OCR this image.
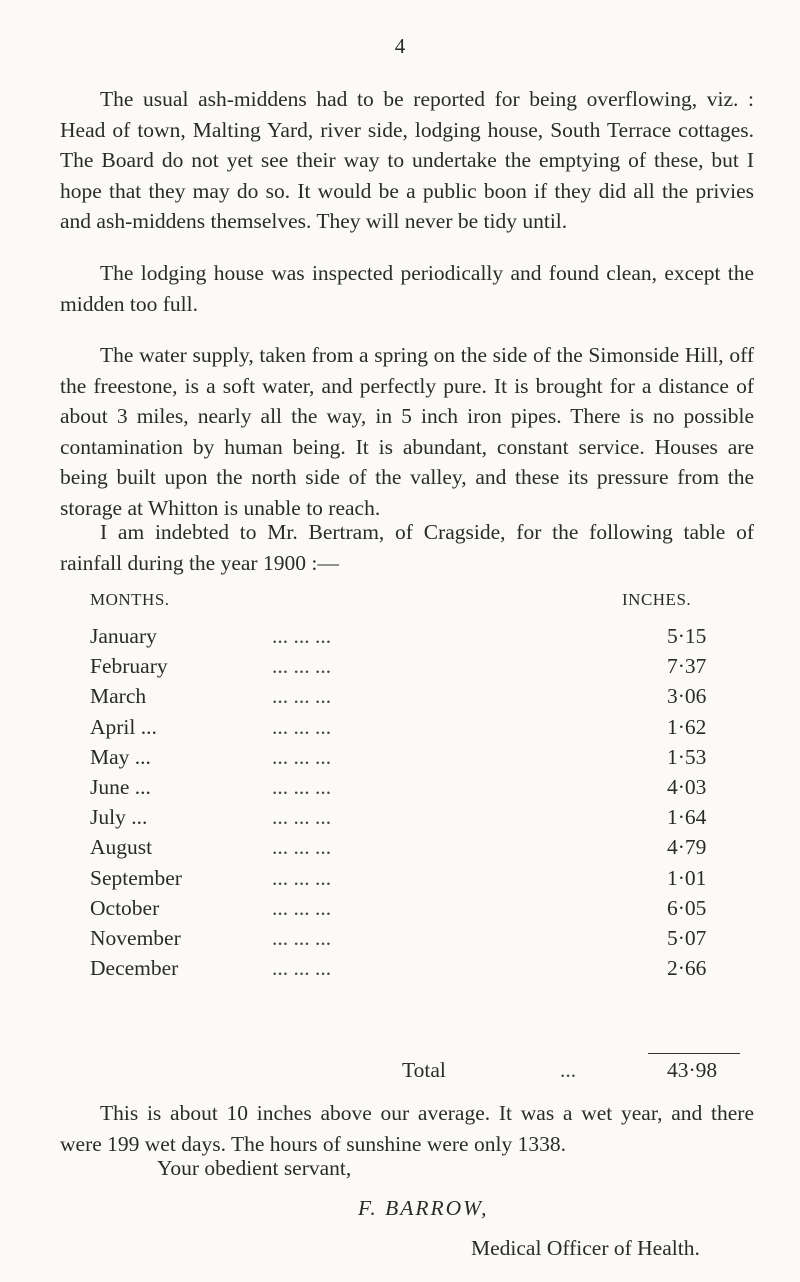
4

The usual ash-middens had to be reported for being overflowing, viz. : Head of town, Malting Yard, river side, lodging house, South Terrace cottages. The Board do not yet see their way to undertake the emptying of these, but I hope that they may do so. It would be a public boon if they did all the privies and ash-middens themselves. They will never be tidy until.

The lodging house was inspected periodically and found clean, except the midden too full.

The water supply, taken from a spring on the side of the Simonside Hill, off the freestone, is a soft water, and perfectly pure. It is brought for a distance of about 3 miles, nearly all the way, in 5 inch iron pipes. There is no possible contamination by human being. It is abundant, constant service. Houses are being built upon the north side of the valley, and these its pressure from the storage at Whitton is unable to reach.

I am indebted to Mr. Bertram, of Cragside, for the following table of rainfall during the year 1900 :—

MONTHS.	INCHES.
January	... ... ...	5·15
February	... ... ...	7·37
March	... ... ...	3·06
April ...	... ... ...	1·62
May ...	... ... ...	1·53
June ...	... ... ...	4·03
July ...	... ... ...	1·64
August	... ... ...	4·79
September	... ... ...	1·01
October	... ... ...	6·05
November	... ... ...	5·07
December	... ... ...	2·66
Total	...	43·98

This is about 10 inches above our average. It was a wet year, and there were 199 wet days. The hours of sunshine were only 1338.

Your obedient servant,
F. BARROW,
Medical Officer of Health.
